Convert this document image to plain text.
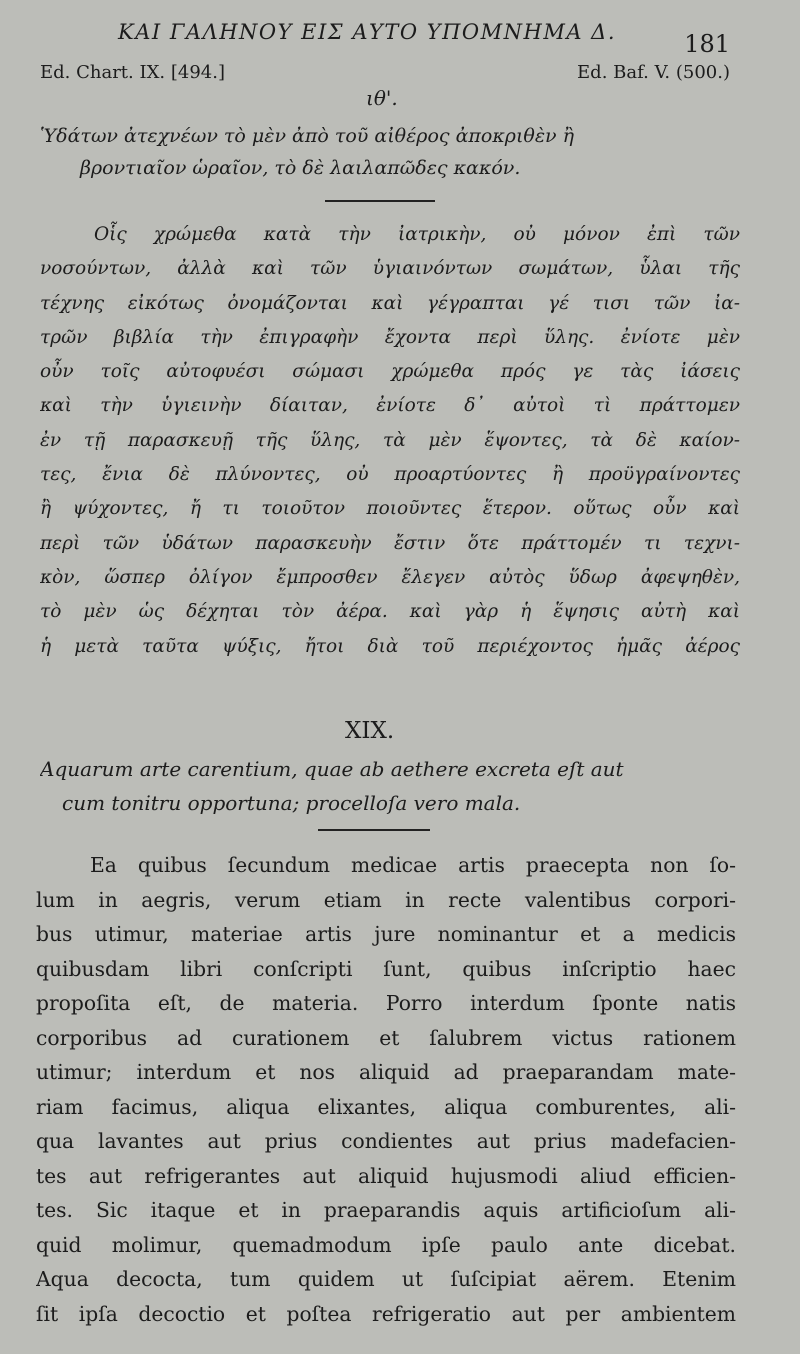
ΚΑΙ ΓΑΛΗΝΟΥ ΕΙΣ ΑΥΤΟ ΥΠΟΜΝΗΜΑ Δ.	181
Ed. Chart. IX. [494.]	Ed. Baf. V. (500.)
ιθ'.

Ὑδάτων ἀτεχνέων τὸ μὲν ἀπὸ τοῦ αἰθέρος ἀποκριθὲν ἢ
βροντιαῖον ὡραῖον, τὸ δὲ λαιλαπῶδες κακόν.

Οἷς χρώμεθα κατὰ τὴν ἰατρικὴν, οὐ μόνον ἐπὶ τῶν
νοσούντων, ἀλλὰ καὶ τῶν ὑγιαινόντων σωμάτων, ὗλαι τῆς
τέχνης εἰκότως ὀνομάζονται καὶ γέγραπται γέ τισι τῶν ἰα-
τρῶν βιβλία τὴν ἐπιγραφὴν ἔχοντα περὶ ὕλης. ἐνίοτε μὲν
οὖν τοῖς αὐτοφυέσι σώμασι χρώμεθα πρός γε τὰς ἰάσεις
καὶ τὴν ὑγιεινὴν δίαιταν, ἐνίοτε δ᾽ αὐτοὶ τὶ πράττομεν
ἐν τῇ παρασκευῇ τῆς ὕλης, τὰ μὲν ἕψοντες, τὰ δὲ καίον-
τες, ἔνια δὲ πλύνοντες, οὐ προαρτύοντες ἢ προϋγραίνοντες
ἢ ψύχοντες, ἤ τι τοιοῦτον ποιοῦντες ἕτερον. οὕτως οὖν καὶ
περὶ τῶν ὑδάτων παρασκευὴν ἔστιν ὅτε πράττομέν τι τεχνι-
κὸν, ὥσπερ ὀλίγον ἔμπροσθεν ἔλεγεν αὐτὸς ὕδωρ ἀφεψηθὲν,
τὸ μὲν ὡς δέχηται τὸν ἀέρα. καὶ γὰρ ἡ ἕψησις αὐτὴ καὶ
ἡ μετὰ ταῦτα ψύξις, ἤτοι διὰ τοῦ περιέχοντος ἡμᾶς ἀέρος

XIX.

Aquarum arte carentium, quae ab aethere excreta eſt aut
cum tonitru opportuna; procelloſa vero mala.

Ea quibus ſecundum medicae artis praecepta non ſo-
lum in aegris, verum etiam in recte valentibus corpori-
bus utimur, materiae artis jure nominantur et a medicis
quibusdam libri conſcripti ſunt, quibus inſcriptio haec
propoſita eſt, de materia. Porro interdum ſponte natis
corporibus ad curationem et ſalubrem victus rationem
utimur; interdum et nos aliquid ad praeparandam mate-
riam facimus, aliqua elixantes, aliqua comburentes, ali-
qua lavantes aut prius condientes aut prius madefacien-
tes aut refrigerantes aut aliquid hujusmodi aliud efficien-
tes. Sic itaque et in praeparandis aquis artificioſum ali-
quid molimur, quemadmodum ipſe paulo ante dicebat.
Aqua decocta, tum quidem ut ſuſcipiat aërem. Etenim
ſit ipſa decoctio et poſtea refrigeratio aut per ambientem
